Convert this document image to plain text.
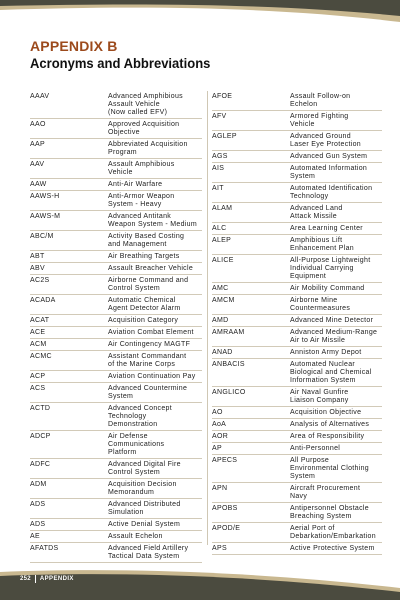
APPENDIX B
Acronyms and Abbreviations
AAAV	Advanced Amphibious
Assault Vehicle
(Now called EFV)
AAO	Approved Acquisition
Objective
AAP	Abbreviated Acquisition
Program
AAV	Assault Amphibious
Vehicle
AAW	Anti-Air Warfare
AAWS-H	Anti-Armor Weapon
System - Heavy
AAWS-M	Advanced Antitank
Weapon System - Medium
ABC/M	Activity Based Costing
and Management
ABT	Air Breathing Targets
ABV	Assault Breacher Vehicle
AC2S	Airborne Command and
Control System
ACADA	Automatic Chemical
Agent Detector Alarm
ACAT	Acquisition Category
ACE	Aviation Combat Element
ACM	Air Contingency MAGTF
ACMC	Assistant Commandant
of the Marine Corps
ACP	Aviation Continuation Pay
ACS	Advanced Countermine
System
ACTD	Advanced Concept
Technology
Demonstration
ADCP	Air Defense
Communications
Platform
ADFC	Advanced Digital Fire
Control System
ADM	Acquisition Decision
Memorandum
ADS	Advanced Distributed
Simulation
ADS	Active Denial System
AE	Assault Echelon
AFATDS	Advanced Field Artillery
Tactical Data System
AFOE	Assault Follow-on
Echelon
AFV	Armored Fighting
Vehicle
AGLEP	Advanced Ground
Laser Eye Protection
AGS	Advanced Gun System
AIS	Automated Information
System
AIT	Automated Identification
Technology
ALAM	Advanced Land
Attack Missile
ALC	Area Learning Center
ALEP	Amphibious Lift
Enhancement Plan
ALICE	All-Purpose Lightweight
Individual Carrying
Equipment
AMC	Air Mobility Command
AMCM	Airborne Mine
Countermeasures
AMD	Advanced Mine Detector
AMRAAM	Advanced Medium-Range
Air to Air Missile
ANAD	Anniston Army Depot
ANBACIS	Automated Nuclear
Biological and Chemical
Information System
ANGLICO	Air Naval Gunfire
Liaison Company
AO	Acquisition Objective
AoA	Analysis of Alternatives
AOR	Area of Responsibility
AP	Anti-Personnel
APECS	All Purpose
Environmental Clothing
System
APN	Aircraft Procurement
Navy
APOBS	Antipersonnel Obstacle
Breaching System
APOD/E	Aerial Port of
Debarkation/Embarkation
APS	Active Protective System
252 APPENDIX
